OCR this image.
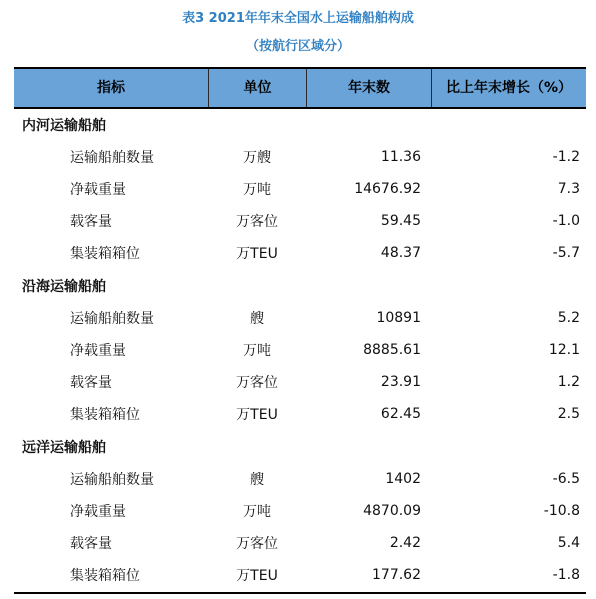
表3 2021年年末全国水上运输船舶构成
（按航行区域分）
指标	单位	年末数	比上年末增长（%）
内河运输船舶
运输船舶数量	万艘	11.36	-1.2
净载重量	万吨	14676.92	7.3
载客量	万客位	59.45	-1.0
集装箱箱位	万TEU	48.37	-5.7
沿海运输船舶
运输船舶数量	艘	10891	5.2
净载重量	万吨	8885.61	12.1
载客量	万客位	23.91	1.2
集装箱箱位	万TEU	62.45	2.5
远洋运输船舶
运输船舶数量	艘	1402	-6.5
净载重量	万吨	4870.09	-10.8
载客量	万客位	2.42	5.4
集装箱箱位	万TEU	177.62	-1.8
